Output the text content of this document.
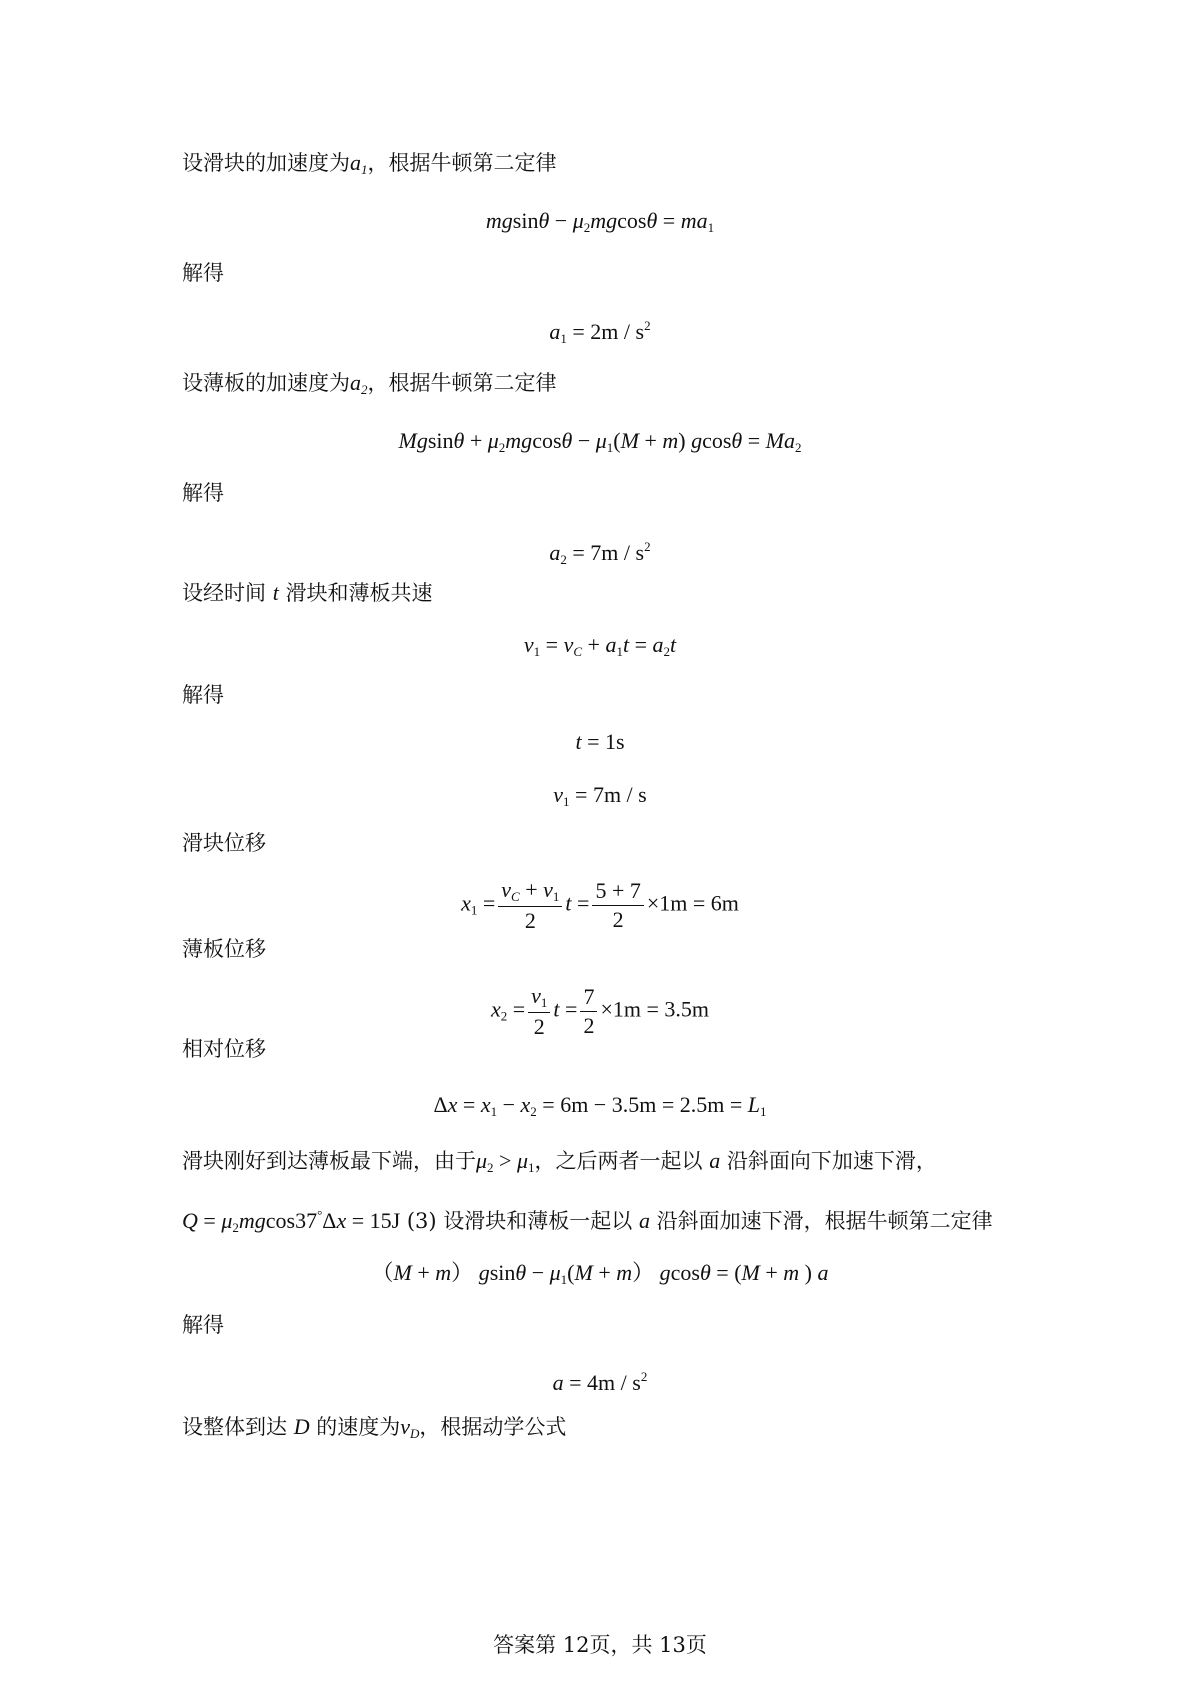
设滑块的加速度为a1，根据牛顿第二定律
mgsinθ − μ2mgcosθ = ma1
解得
$a1 = 2m / s^2$
设薄板的加速度为a2，根据牛顿第二定律
Mgsinθ + μ2mgcosθ − μ1(M + m) gcosθ = Ma2
解得
$a2 = 7m / s^2$
设经时间 t 滑块和薄板共速
v1 = vC + a1t = a2t
解得
t = 1s
v1 = 7m / s
滑块位移
$x1 = \frac{vC + v1}{2}$ $t = \frac{5 + 7}{2} \times 1m = 6m$
薄板位移
$x2 = \frac{v1}{2}$ $t = \frac{7}{2} \times 1m = 3.5m$
相对位移
Δx = x1 − x2 = 6m − 3.5m = 2.5m = L1
滑块刚好到达薄板最下端，由于μ2 > μ1，之后两者一起以 a 沿斜面向下加速下滑，
Q = μ2mgcos37°Δx = 15J (3) 设滑块和薄板一起以 a 沿斜面加速下滑，根据牛顿第二定律
（M + m） gsinθ − μ1(M + m） gcosθ = (M + m ) a
解得
$a = 4m / s^2$
设整体到达 D 的速度为vD，根据动学公式
答案第 12页，共 13页
